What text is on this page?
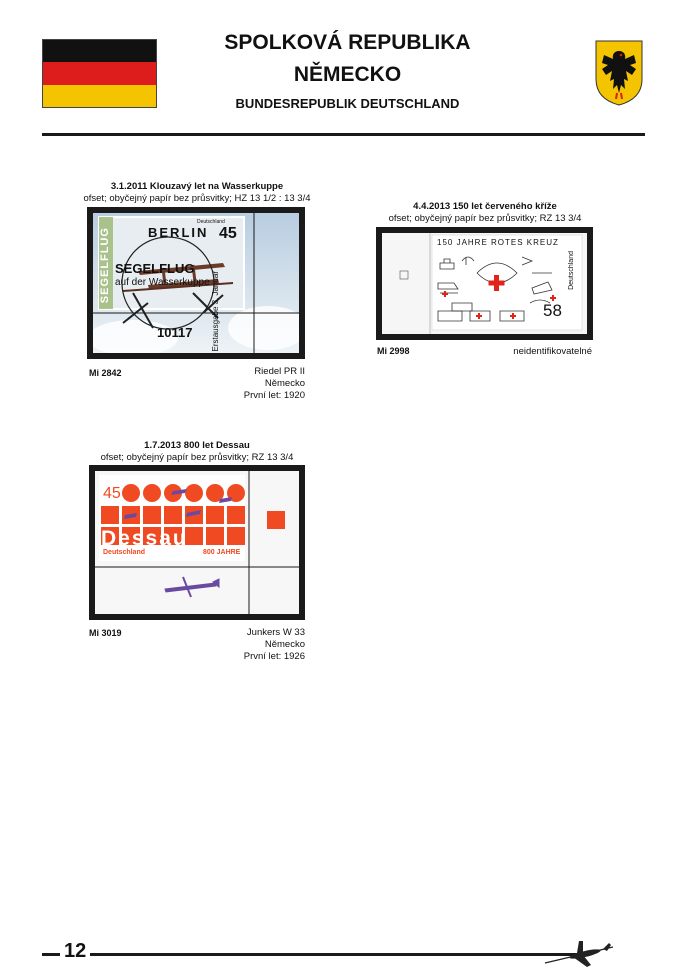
SPOLKOVÁ REPUBLIKA
NĚMECKO
BUNDESREPUBLIK DEUTSCHLAND
3.1.2011 Klouzavý let na Wasserkuppe
ofset; obyčejný papír bez průsvitky; HZ 13 1/2 : 13 3/4
SEGELFLUG	45
Deutschland
BERLIN
SEGELFLUG
auf der Wasserkuppe
10117 Erstausgabe 3. Januar
Mi 2842	Riedel PR II
Německo
První let: 1920
4.4.2013 150 let červeného kříže
ofset; obyčejný papír bez průsvitky; RZ 13 3/4
150 JAHRE ROTES KREUZ
58
Deutschland
Mi 2998	neidentifikovatelné
1.7.2013 800 let Dessau
ofset; obyčejný papír bez průsvitky; RZ 13 3/4
45
Dessau
Deutschland	800 JAHRE
Mi 3019	Junkers W 33
Německo
První let: 1926
12
